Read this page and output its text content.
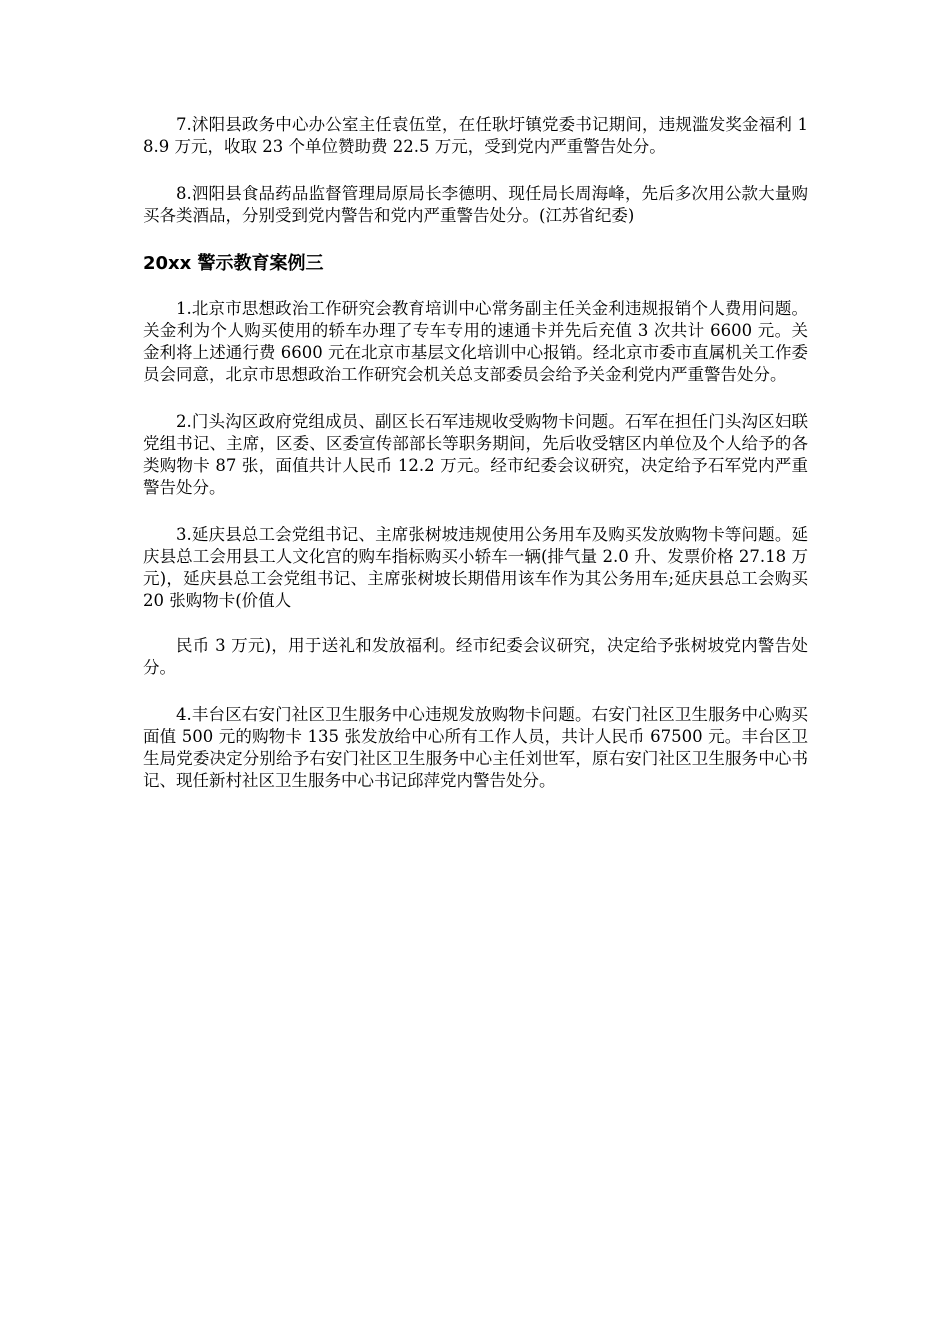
7.沭阳县政务中心办公室主任袁伍堂，在任耿圩镇党委书记期间，违规滥发奖金福利 18.9 万元，收取 23 个单位赞助费 22.5 万元，受到党内严重警告处分。

8.泗阳县食品药品监督管理局原局长李德明、现任局长周海峰，先后多次用公款大量购买各类酒品，分别受到党内警告和党内严重警告处分。(江苏省纪委)

20xx 警示教育案例三

1.北京市思想政治工作研究会教育培训中心常务副主任关金利违规报销个人费用问题。关金利为个人购买使用的轿车办理了专车专用的速通卡并先后充值 3 次共计 6600 元。关金利将上述通行费 6600 元在北京市基层文化培训中心报销。经北京市委市直属机关工作委员会同意，北京市思想政治工作研究会机关总支部委员会给予关金利党内严重警告处分。

2.门头沟区政府党组成员、副区长石军违规收受购物卡问题。石军在担任门头沟区妇联党组书记、主席，区委、区委宣传部部长等职务期间，先后收受辖区内单位及个人给予的各类购物卡 87 张，面值共计人民币 12.2 万元。经市纪委会议研究，决定给予石军党内严重警告处分。

3.延庆县总工会党组书记、主席张树坡违规使用公务用车及购买发放购物卡等问题。延庆县总工会用县工人文化宫的购车指标购买小轿车一辆(排气量 2.0 升、发票价格 27.18 万元)，延庆县总工会党组书记、主席张树坡长期借用该车作为其公务用车;延庆县总工会购买 20 张购物卡(价值人

民币 3 万元)，用于送礼和发放福利。经市纪委会议研究，决定给予张树坡党内警告处分。

4.丰台区右安门社区卫生服务中心违规发放购物卡问题。右安门社区卫生服务中心购买面值 500 元的购物卡 135 张发放给中心所有工作人员，共计人民币 67500 元。丰台区卫生局党委决定分别给予右安门社区卫生服务中心主任刘世军，原右安门社区卫生服务中心书记、现任新村社区卫生服务中心书记邱萍党内警告处分。
